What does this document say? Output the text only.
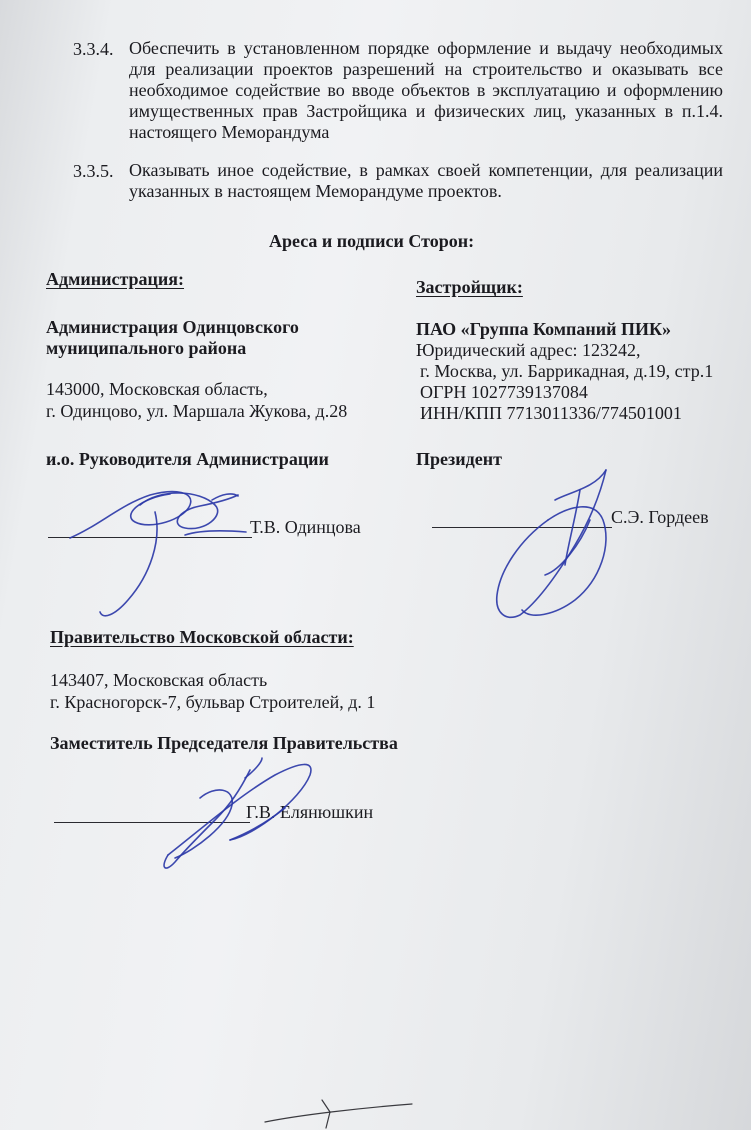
3.3.4. Обеспечить в установленном порядке оформление и выдачу необходимых
для реализации проектов разрешений на строительство и оказывать все
необходимое содействие во вводе объектов в эксплуатацию и оформлению
имущественных прав Застройщика и физических лиц, указанных в п.1.4.
настоящего Меморандума
3.3.5. Оказывать иное содействие, в рамках своей компетенции, для реализации
указанных в настоящем Меморандуме проектов.
Ареса и подписи Сторон:
Администрация:
Администрация Одинцовского
муниципального района
143000, Московская область,
г. Одинцово, ул. Маршала Жукова, д.28
и.о. Руководителя Администрации
Т.В. Одинцова
Застройщик:
ПАО «Группа Компаний ПИК»
Юридический адрес: 123242,
г. Москва, ул. Баррикадная, д.19, стр.1
ОГРН 1027739137084
ИНН/КПП 7713011336/774501001
Президент
С.Э. Гордеев
Правительство Московской области:
143407, Московская область
г. Красногорск-7, бульвар Строителей, д. 1
Заместитель Председателя Правительства
Г.В. Елянюшкин
